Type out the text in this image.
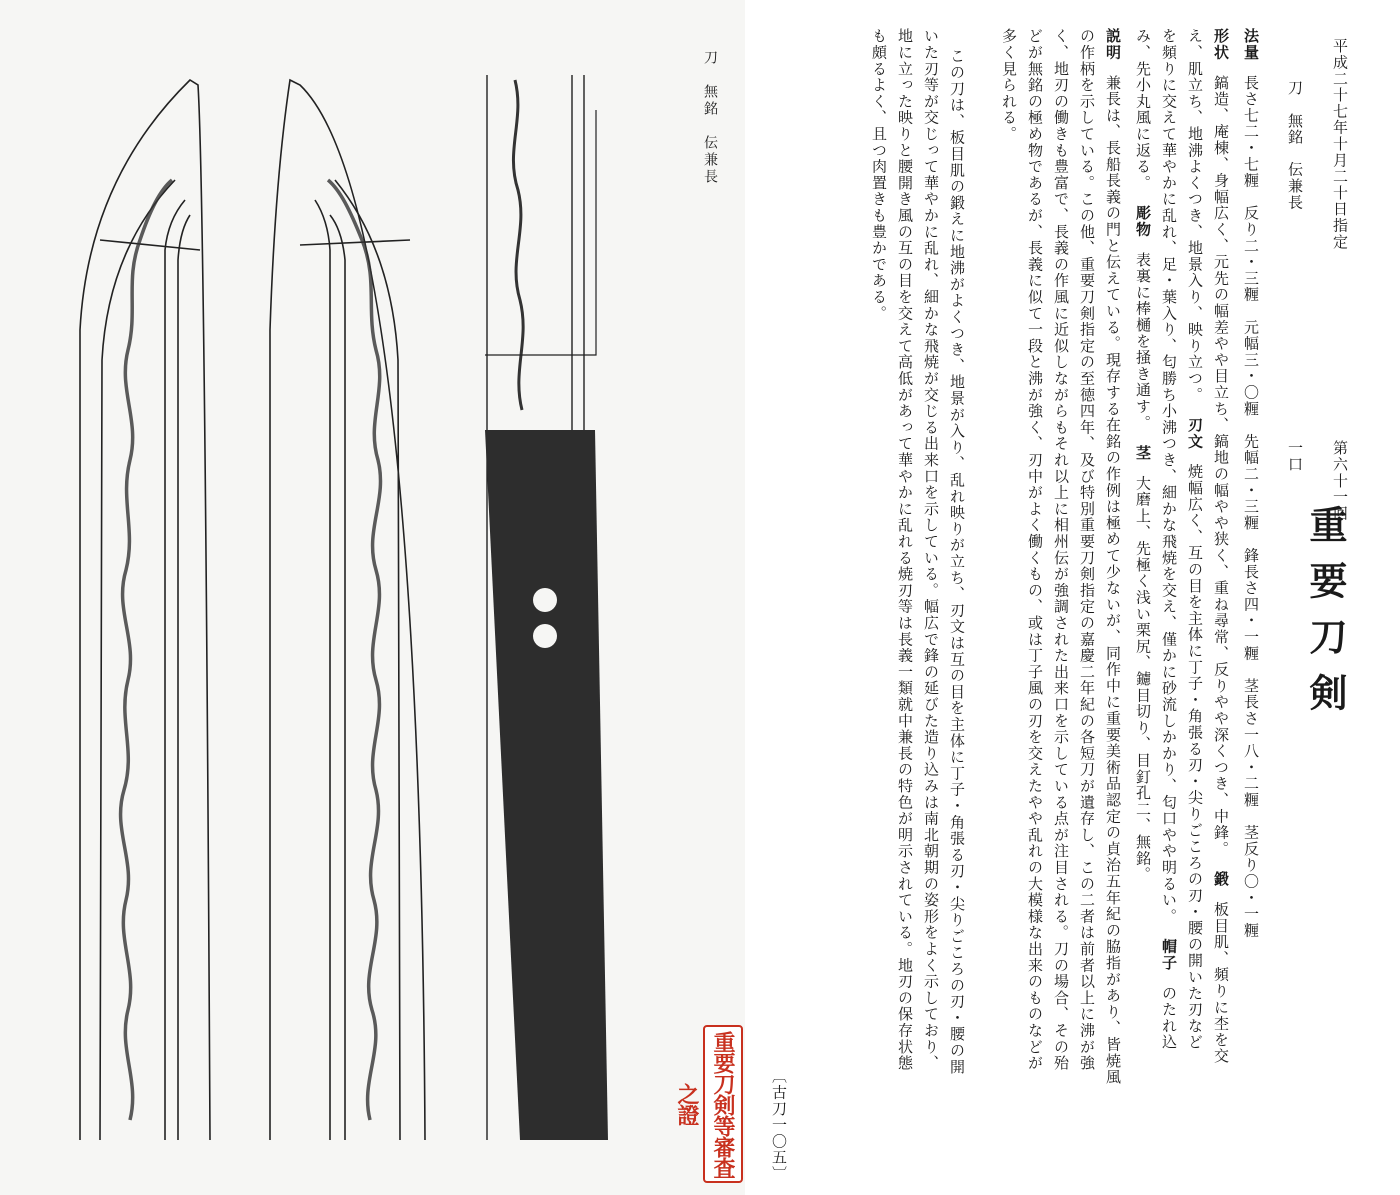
刀　無銘　伝兼長
重要刀剣等審査之證
平成二十七年十月二十日指定
第六十一回
重要刀剣
刀　無銘　伝兼長
一口
法量長さ七二・七糎　反り二・三糎　元幅三・〇糎　先幅二・三糎　鋒長さ四・一糎　茎長さ一八・二糎　茎反り〇・一糎
形状鎬造、庵棟、身幅広く、元先の幅差やや目立ち、鎬地の幅やや狭く、重ね尋常、反りやや深くつき、中鋒。鍛板目肌、頻りに杢を交
え、肌立ち、地沸よくつき、地景入り、映り立つ。刃文焼幅広く、互の目を主体に丁子・角張る刃・尖りごころの刃・腰の開いた刃など
を頻りに交えて華やかに乱れ、足・葉入り、匂勝ち小沸つき、細かな飛焼を交え、僅かに砂流しかかり、匂口やや明るい。帽子のたれ込
み、先小丸風に返る。彫物表裏に棒樋を掻き通す。茎大磨上、先極く浅い栗尻、鑢目切り、目釘孔二、無銘。
説明兼長は、長船長義の門と伝えている。現存する在銘の作例は極めて少ないが、同作中に重要美術品認定の貞治五年紀の脇指があり、皆焼風
の作柄を示している。この他、重要刀剣指定の至徳四年、及び特別重要刀剣指定の嘉慶二年紀の各短刀が遺存し、この二者は前者以上に沸が強
く、地刃の働きも豊富で、長義の作風に近似しながらもそれ以上に相州伝が強調された出来口を示している点が注目される。刀の場合、その殆
どが無銘の極め物であるが、長義に似て一段と沸が強く、刃中がよく働くもの、或は丁子風の刃を交えたやや乱れの大模様な出来のものなどが
多く見られる。
この刀は、板目肌の鍛えに地沸がよくつき、地景が入り、乱れ映りが立ち、刃文は互の目を主体に丁子・角張る刃・尖りごころの刃・腰の開
いた刃等が交じって華やかに乱れ、細かな飛焼が交じる出来口を示している。幅広で鋒の延びた造り込みは南北朝期の姿形をよく示しており、
地に立った映りと腰開き風の互の目を交えて高低があって華やかに乱れる焼刃等は長義一類就中兼長の特色が明示されている。地刃の保存状態
も頗るよく、且つ肉置きも豊かである。
〔古刀一〇五〕
